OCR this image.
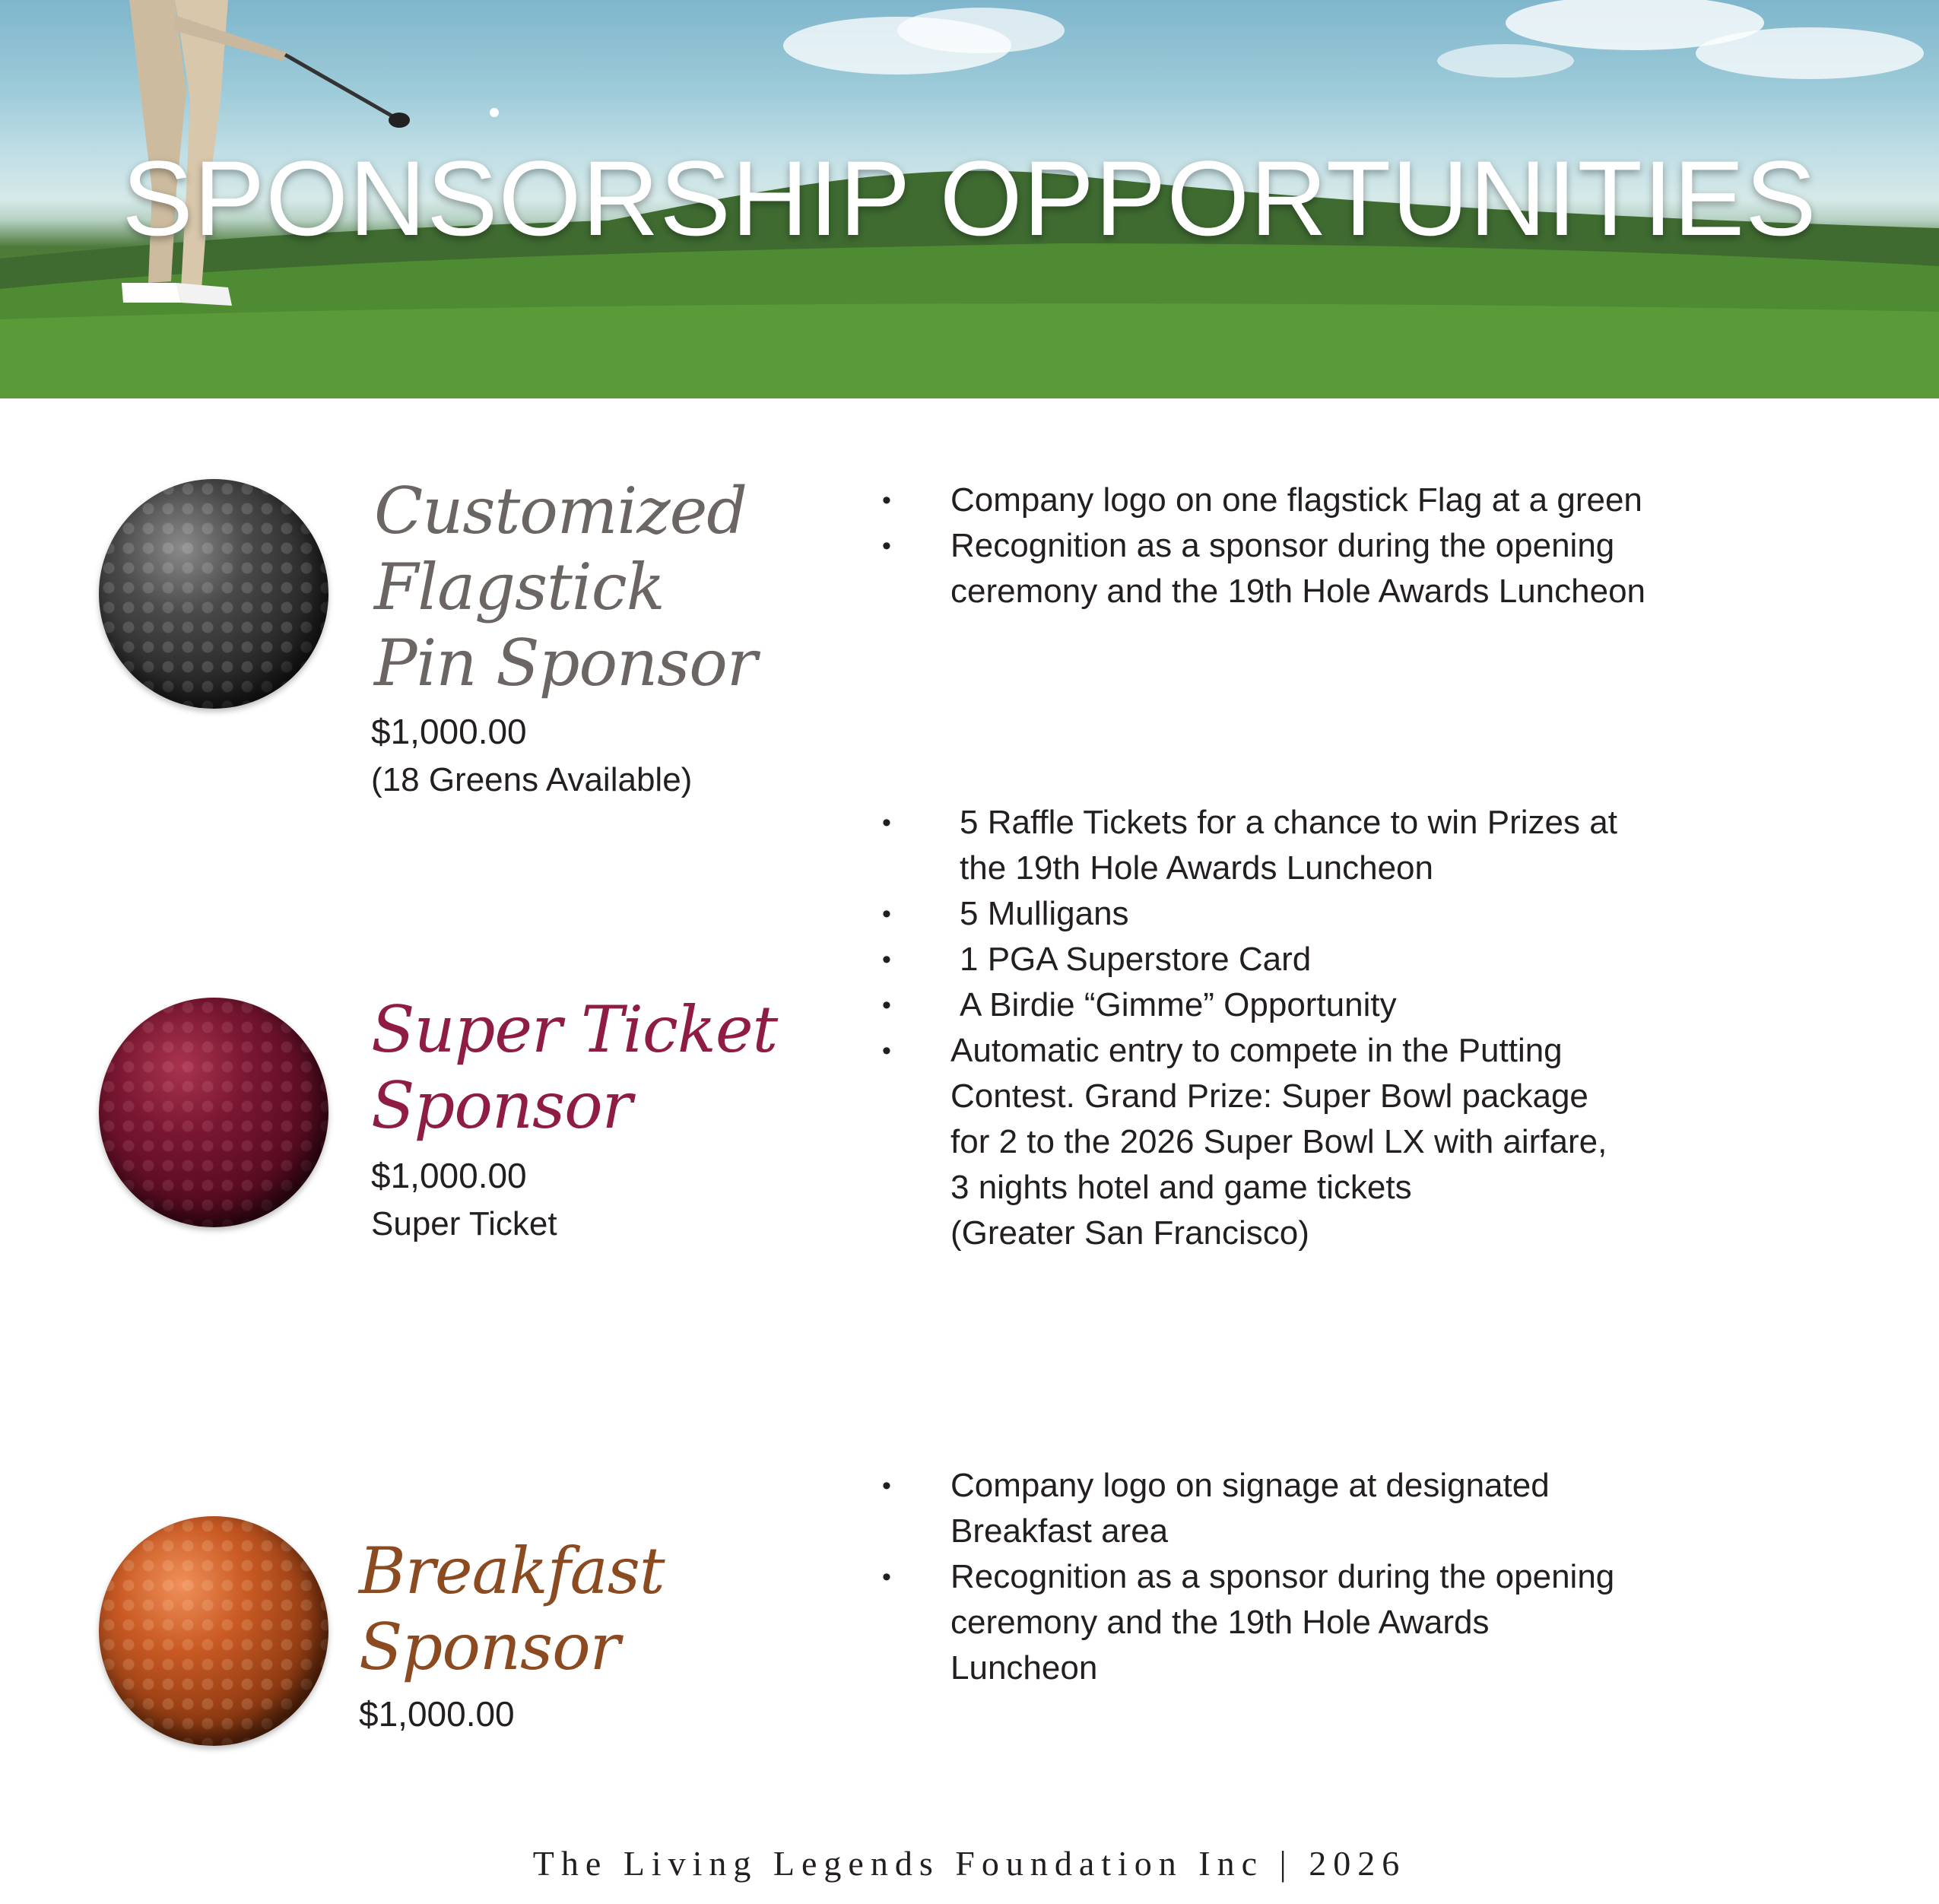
SPONSORSHIP OPPORTUNITIES
Customized
Flagstick
Pin Sponsor
$1,000.00
(18 Greens Available)
• Company logo on one flagstick Flag at a green
• Recognition as a sponsor during the opening
ceremony and the 19th Hole Awards Luncheon
Super Ticket
Sponsor
$1,000.00
Super Ticket
• 5 Raffle Tickets for a chance to win Prizes at
the 19th Hole Awards Luncheon
• 5 Mulligans
• 1 PGA Superstore Card
• A Birdie “Gimme” Opportunity
• Automatic entry to compete in the Putting
Contest. Grand Prize: Super Bowl package
for 2 to the 2026 Super Bowl LX with airfare,
3 nights hotel and game tickets
(Greater San Francisco)
Breakfast
Sponsor
$1,000.00
• Company logo on signage at designated
Breakfast area
• Recognition as a sponsor during the opening
ceremony and the 19th Hole Awards
Luncheon

The Living Legends Foundation Inc | 2026
